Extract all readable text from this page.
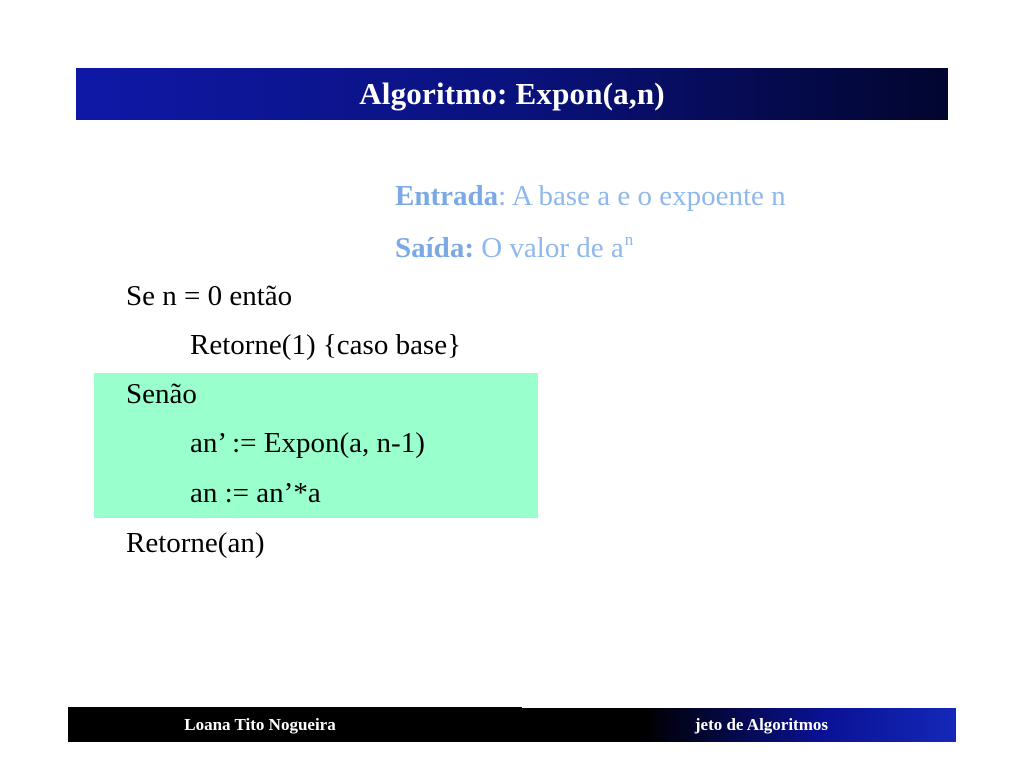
Algoritmo: Expon(a,n)
Entrada: A base a e o expoente n
Saída: O valor de $a^n$
Se n = 0 então
Retorne(1) {caso base}
Senão
an’ := Expon(a, n-1)
an := an’*a
Retorne(an)
Loana Tito Nogueira	jeto de Algoritmos
